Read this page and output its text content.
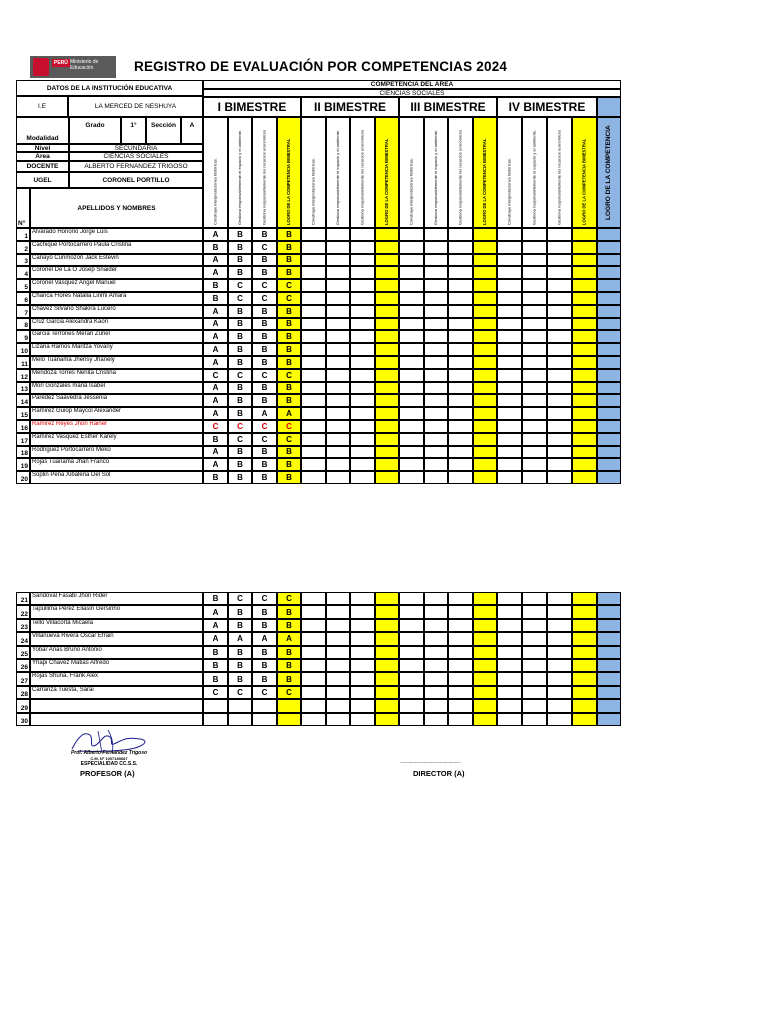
PERÚ Ministerio de Educación	REGISTRO DE EVALUACIÓN POR COMPETENCIAS 2024
DATOS DE LA INSTITUCIÓN EDUCATIVA
I.E	LA MERCED DE NESHUYA
Modalidad
Grado	1°	Sección	A
Nivel	SECUNDARIA
Area	CIENCIAS SOCIALES
DOCENTE	ALBERTO FERNANDEZ TRIGOSO
UGEL	CORONEL PORTILLO
N°
APELLIDOS Y NOMBRES
COMPETENCIA DEL AREA
CIENCIAS SOCIALES
I BIMESTRE	II BIMESTRE	III BIMESTRE	IV BIMESTRE
Construye interpretaciones históricas.	Gestiona responsablemente el espacio y el ambiente.	Gestiona responsablemente los recursos económicos	LOGRO DE LA COMPETENCIA BIMESTRAL	Construye interpretaciones históricas.	Gestiona responsablemente el espacio y el ambiente.	Gestiona responsablemente los recursos económicos	LOGRO DE LA COMPETENCIA BIMESTRAL	Construye interpretaciones históricas.	Gestiona responsablemente el espacio y el ambiente.	Gestiona responsablemente los recursos económicos	LOGRO DE LA COMPETENCIA BIMESTRAL	Construye interpretaciones históricas.	Gestiona responsablemente el espacio y el ambiente.	Gestiona responsablemente los recursos económicos	LOGRO DE LA COMPETENCIA BIMESTRAL	LOGRO DE LA COMPETENCIA
1
Alvarado Honorio Jorge Luis	A	B	B	B
2
Cachique Portocarrero Paula Cristina	B	B	C	B
3
Canayo Curimozon Jack Estevin	A	B	B	B
4
Coronel De La O Josep Snaider	A	B	B	B
5
Coronel Vasquez Angel Manuel	B	C	C	C
6
Chanca Flores Natalia Linmi Amara	B	C	C	C
7
Chavez Silvano Shakira Lucero	A	B	B	B
8
Cruz Garcia Alexandra Kaori	A	B	B	B
9
Garcia Terrones Merari Zuriel	A	B	B	B
10
Lizana Ramos Maritza Yovany	A	B	B	B
11
Melo Tuanama Jhensy Jhanely	A	B	B	B
12
Mendoza Torres Nenita Cristina	C	C	C	C
13
Mori Gonzales maria Isabel	A	B	B	B
14
Paredez Saavedra Jessenia	A	B	B	B
15
Ramirez Guiop Maycol Alexander	A	B	A	A
16
Ramirez Reyes Jhon Rainer	C	C	C	C
17
Ramirez Vasquez Esther Karely	B	C	C	C
18
Rodriguez Portocarrero Meko	A	B	B	B
19
Rojas Tuanama Jhan Franco	A	B	B	B
20
Soplin Peña Xibalena Del Sol	B	B	B	B
21
Sandoval Fasabi Jhon Rider	B	C	C	C
22
Tapullima Pérez Eliasin Gersiñho	A	B	B	B
23
Tello Villacorta Micaela	A	B	B	B
24
Villanueva Rivera Oscar Efrain	A	A	A	A
25
Yobar Arias Bruno Antonio	B	B	B	B
26
Yhapi Chavez Matias Alfredo	B	B	B	B
27
Rojas Shuña, Frank Alex	B	B	B	B
28
Carranza Tuesta, Sarai	C	C	C	C
29
30
Prof. Alberto Fernández Trigoso
C.M. Nº 1007189687
ESPECIALIDAD CC.S.S.
PROFESOR (A)
………………………………
DIRECTOR (A)
